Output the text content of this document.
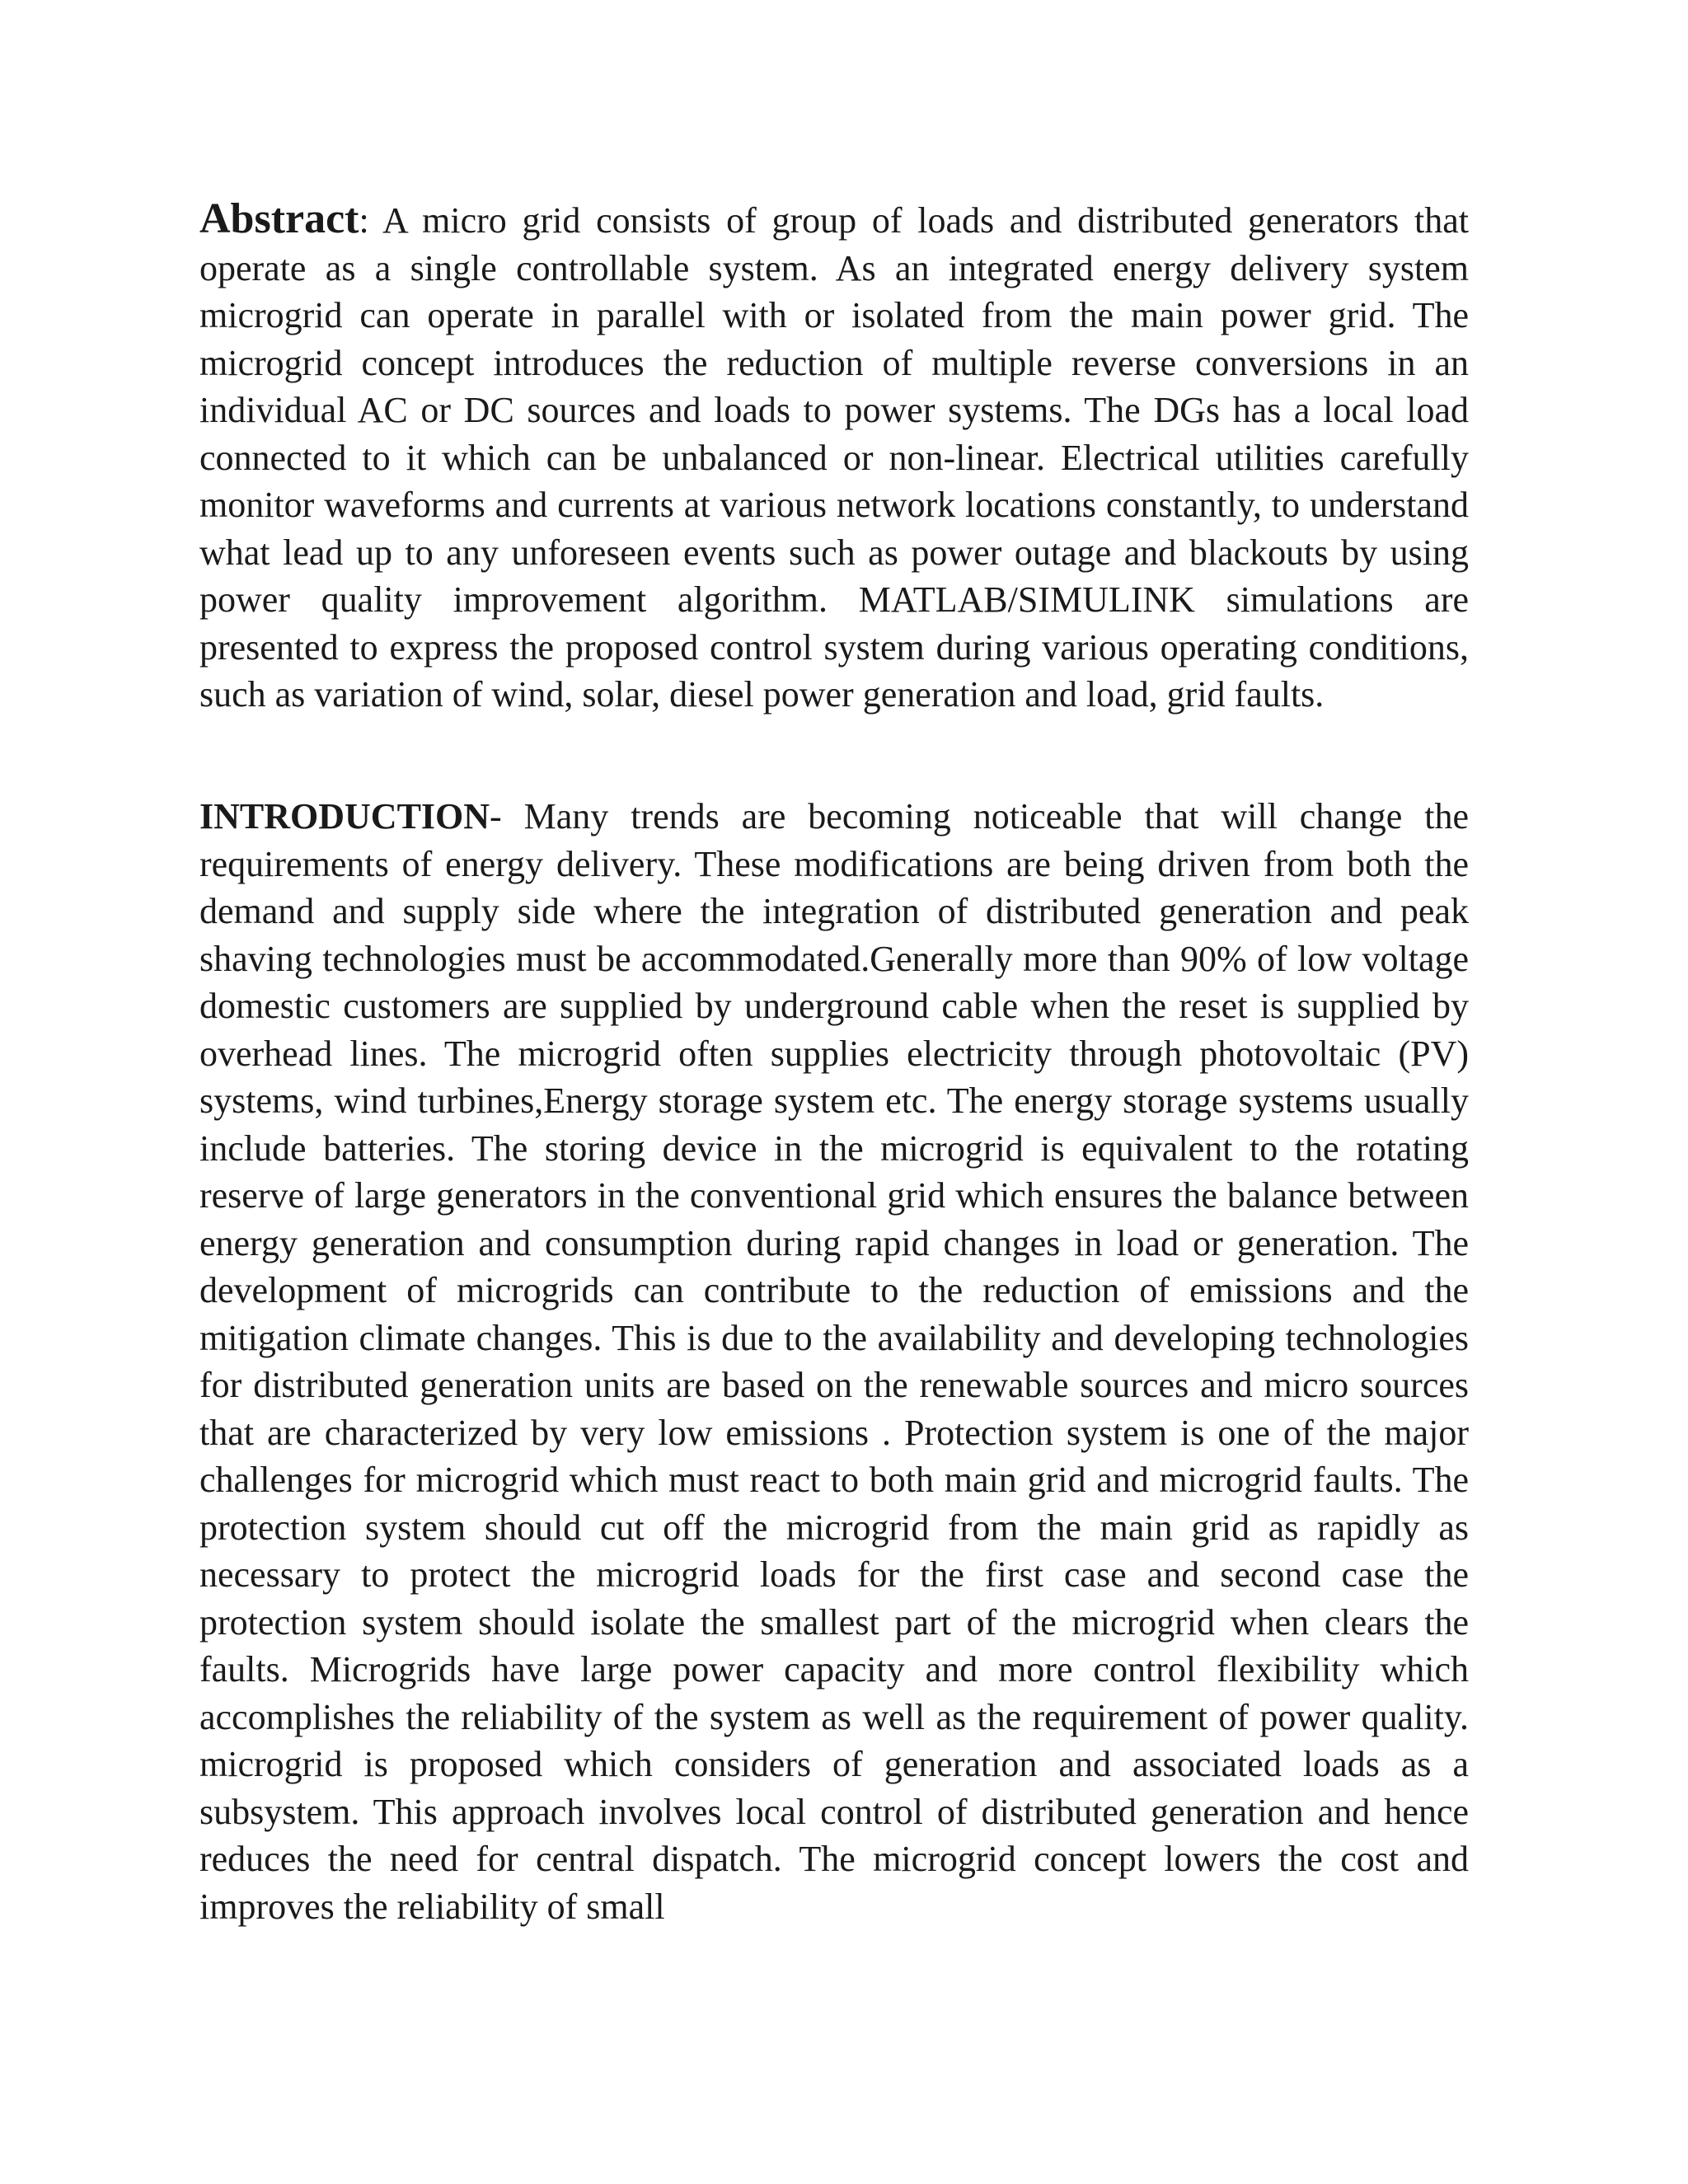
Abstract: A micro grid consists of group of loads and distributed generators that operate as a single controllable system. As an integrated energy delivery system microgrid can operate in parallel with or isolated from the main power grid. The microgrid concept introduces the reduction of multiple reverse conversions in an individual AC or DC sources and loads to power systems. The DGs has a local load connected to it which can be unbalanced or non-linear. Electrical utilities carefully monitor waveforms and currents at various network locations constantly, to understand what lead up to any unforeseen events such as power outage and blackouts by using power quality improvement algorithm. MATLAB/SIMULINK simulations are presented to express the proposed control system during various operating conditions, such as variation of wind, solar, diesel power generation and load, grid faults.

INTRODUCTION- Many trends are becoming noticeable that will change the requirements of energy delivery. These modifications are being driven from both the demand and supply side where the integration of distributed generation and peak shaving technologies must be accommodated.Generally more than 90% of low voltage domestic customers are supplied by underground cable when the reset is supplied by overhead lines. The microgrid often supplies electricity through photovoltaic (PV) systems, wind turbines,Energy storage system etc. The energy storage systems usually include batteries. The storing device in the microgrid is equivalent to the rotating reserve of large generators in the conventional grid which ensures the balance between energy generation and consumption during rapid changes in load or generation. The development of microgrids can contribute to the reduction of emissions and the mitigation climate changes. This is due to the availability and developing technologies for distributed generation units are based on the renewable sources and micro sources that are characterized by very low emissions . Protection system is one of the major challenges for microgrid which must react to both main grid and microgrid faults. The protection system should cut off the microgrid from the main grid as rapidly as necessary to protect the microgrid loads for the first case and second case the protection system should isolate the smallest part of the microgrid when clears the faults. Microgrids have large power capacity and more control flexibility which accomplishes the reliability of the system as well as the requirement of power quality. microgrid is proposed which considers of generation and associated loads as a subsystem. This approach involves local control of distributed generation and hence reduces the need for central dispatch. The microgrid concept lowers the cost and improves the reliability of small
